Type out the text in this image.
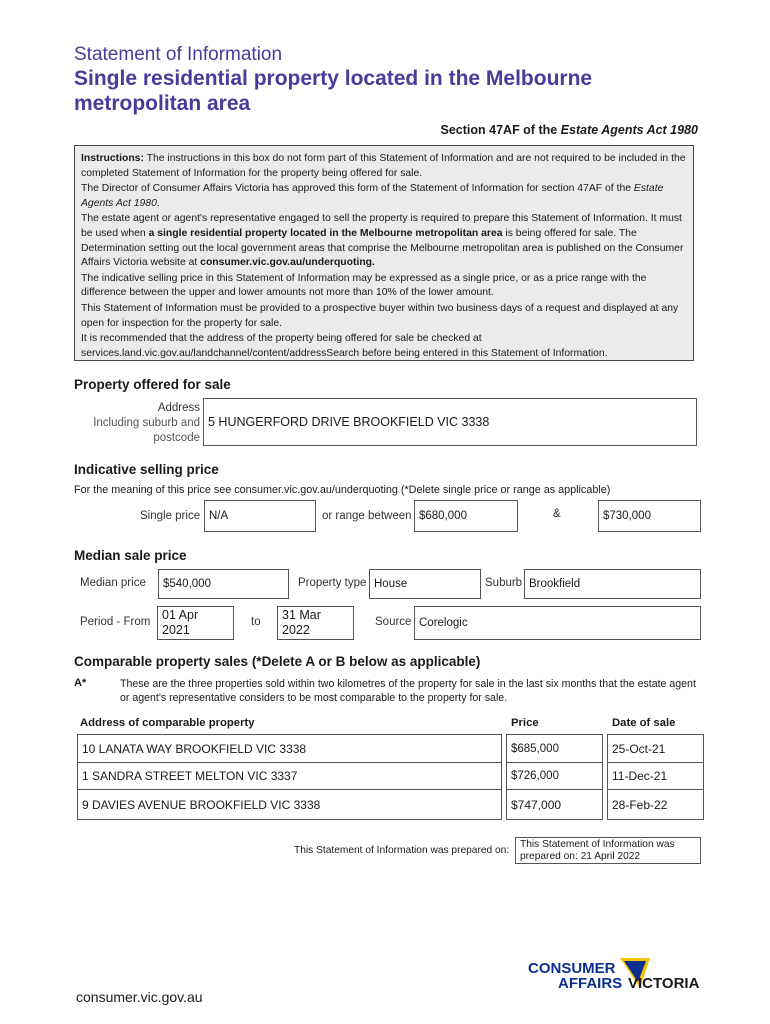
Statement of Information
Single residential property located in the Melbourne metropolitan area
Section 47AF of the Estate Agents Act 1980

Instructions: The instructions in this box do not form part of this Statement of Information and are not required to be included in the completed Statement of Information for the property being offered for sale.

The Director of Consumer Affairs Victoria has approved this form of the Statement of Information for section 47AF of the Estate Agents Act 1980.

The estate agent or agent's representative engaged to sell the property is required to prepare this Statement of Information. It must be used when a single residential property located in the Melbourne metropolitan area is being offered for sale. The Determination setting out the local government areas that comprise the Melbourne metropolitan area is published on the Consumer Affairs Victoria website at consumer.vic.gov.au/underquoting.

The indicative selling price in this Statement of Information may be expressed as a single price, or as a price range with the difference between the upper and lower amounts not more than 10% of the lower amount.

This Statement of Information must be provided to a prospective buyer within two business days of a request and displayed at any open for inspection for the property for sale.

It is recommended that the address of the property being offered for sale be checked at services.land.vic.gov.au/landchannel/content/addressSearch before being entered in this Statement of Information.

Property offered for sale
Address
Including suburb and
postcode
5 HUNGERFORD DRIVE BROOKFIELD VIC 3338
Indicative selling price
For the meaning of this price see consumer.vic.gov.au/underquoting (*Delete single price or range as applicable)
Single price N/A	or range between $680,000	&	$730,000
Median sale price
Median price	$540,000	Property type House	Suburb Brookfield
Period - From 01 Apr
2021
to 31 Mar
2022
Source Corelogic
Comparable property sales (*Delete A or B below as applicable)
A*	These are the three properties sold within two kilometres of the property for sale in the last six months that the estate agent or agent's representative considers to be most comparable to the property for sale.
Address of comparable property	Price	Date of sale
10 LANATA WAY BROOKFIELD VIC 3338	$685,000	25-Oct-21
1 SANDRA STREET MELTON VIC 3337	$726,000	11-Dec-21
9 DAVIES AVENUE BROOKFIELD VIC 3338	$747,000	28-Feb-22
This Statement of Information was prepared on:
This Statement of Information was
prepared on: 21 April 2022
CONSUMER
AFFAIRS VICTORIA
consumer.vic.gov.au
